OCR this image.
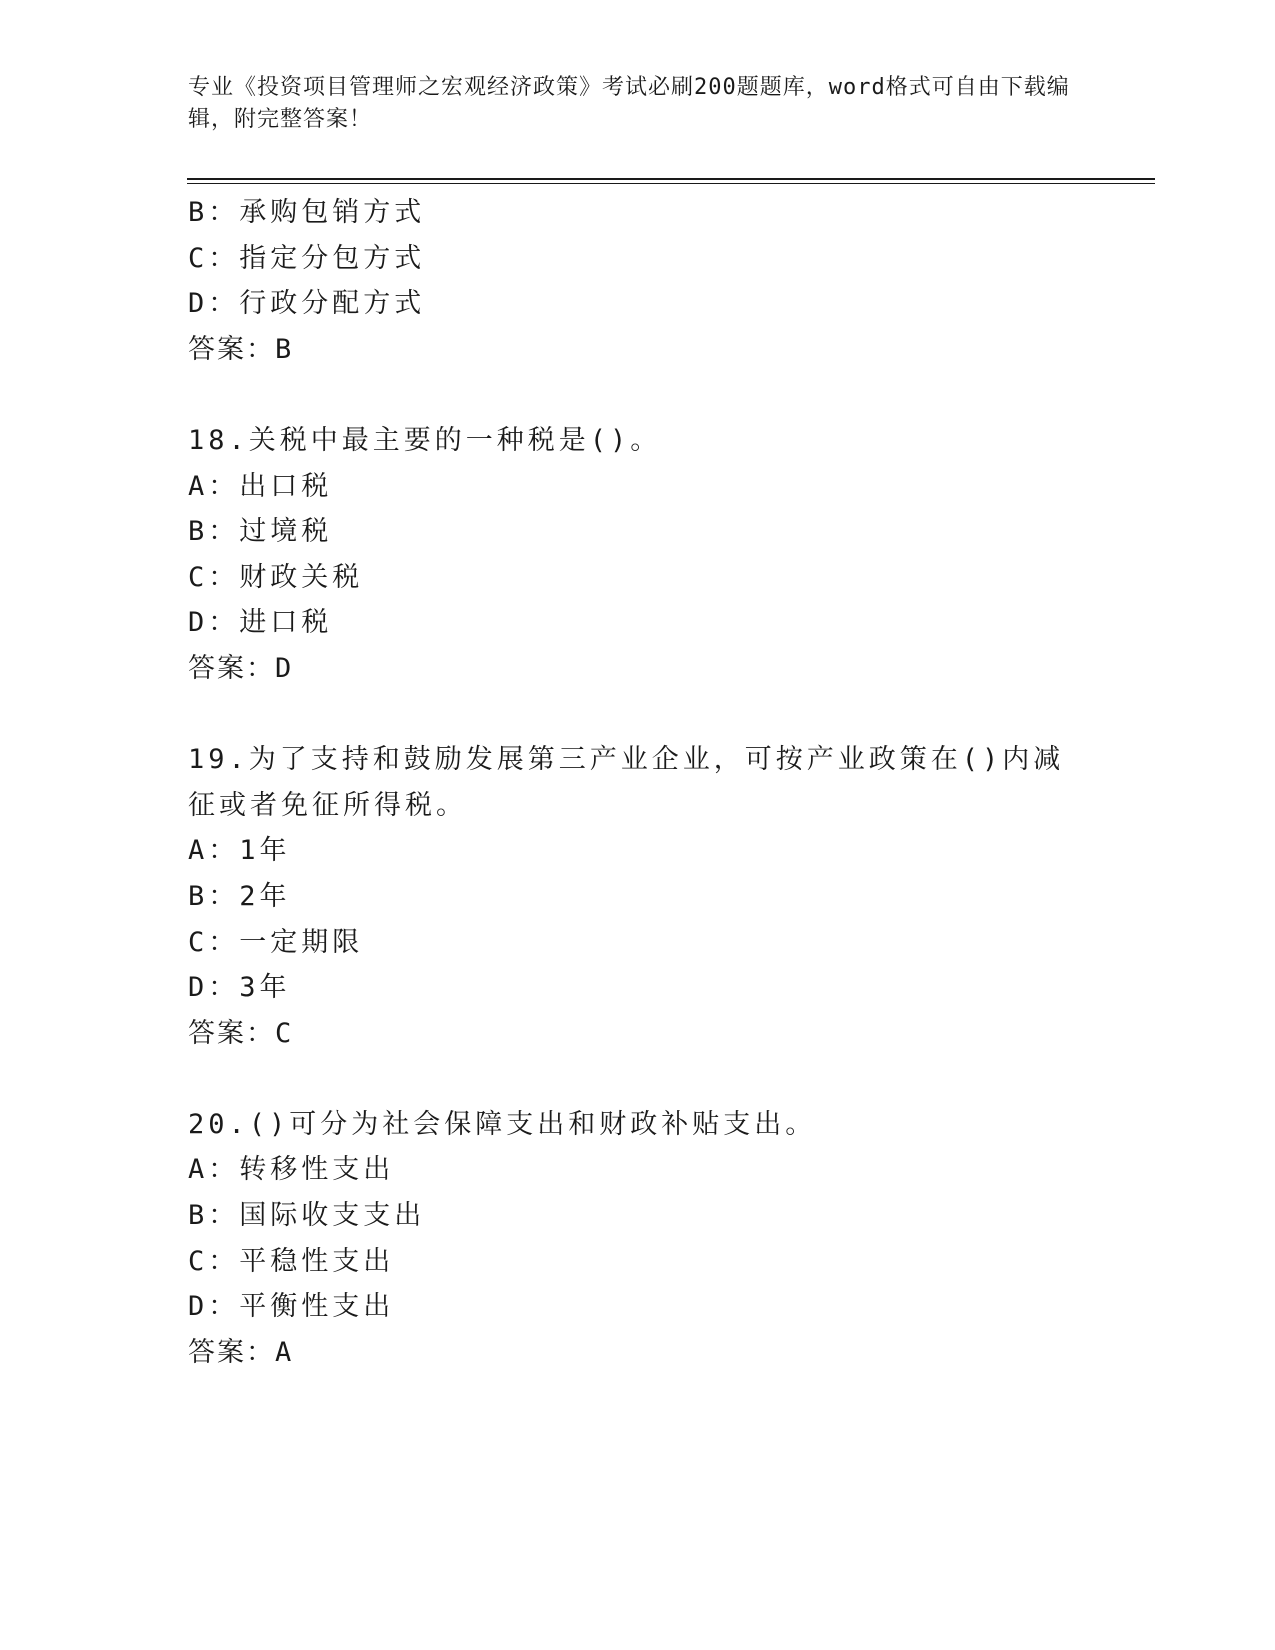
专业《投资项目管理师之宏观经济政策》考试必刷200题题库，word格式可自由下载编辑，附完整答案！
B：承购包销方式
C：指定分包方式
D：行政分配方式
答案：B
18.关税中最主要的一种税是()。
A：出口税
B：过境税
C：财政关税
D：进口税
答案：D
19.为了支持和鼓励发展第三产业企业，可按产业政策在()内减征或者免征所得税。
A：1年
B：2年
C：一定期限
D：3年
答案：C
20.()可分为社会保障支出和财政补贴支出。
A：转移性支出
B：国际收支支出
C：平稳性支出
D：平衡性支出
答案：A
